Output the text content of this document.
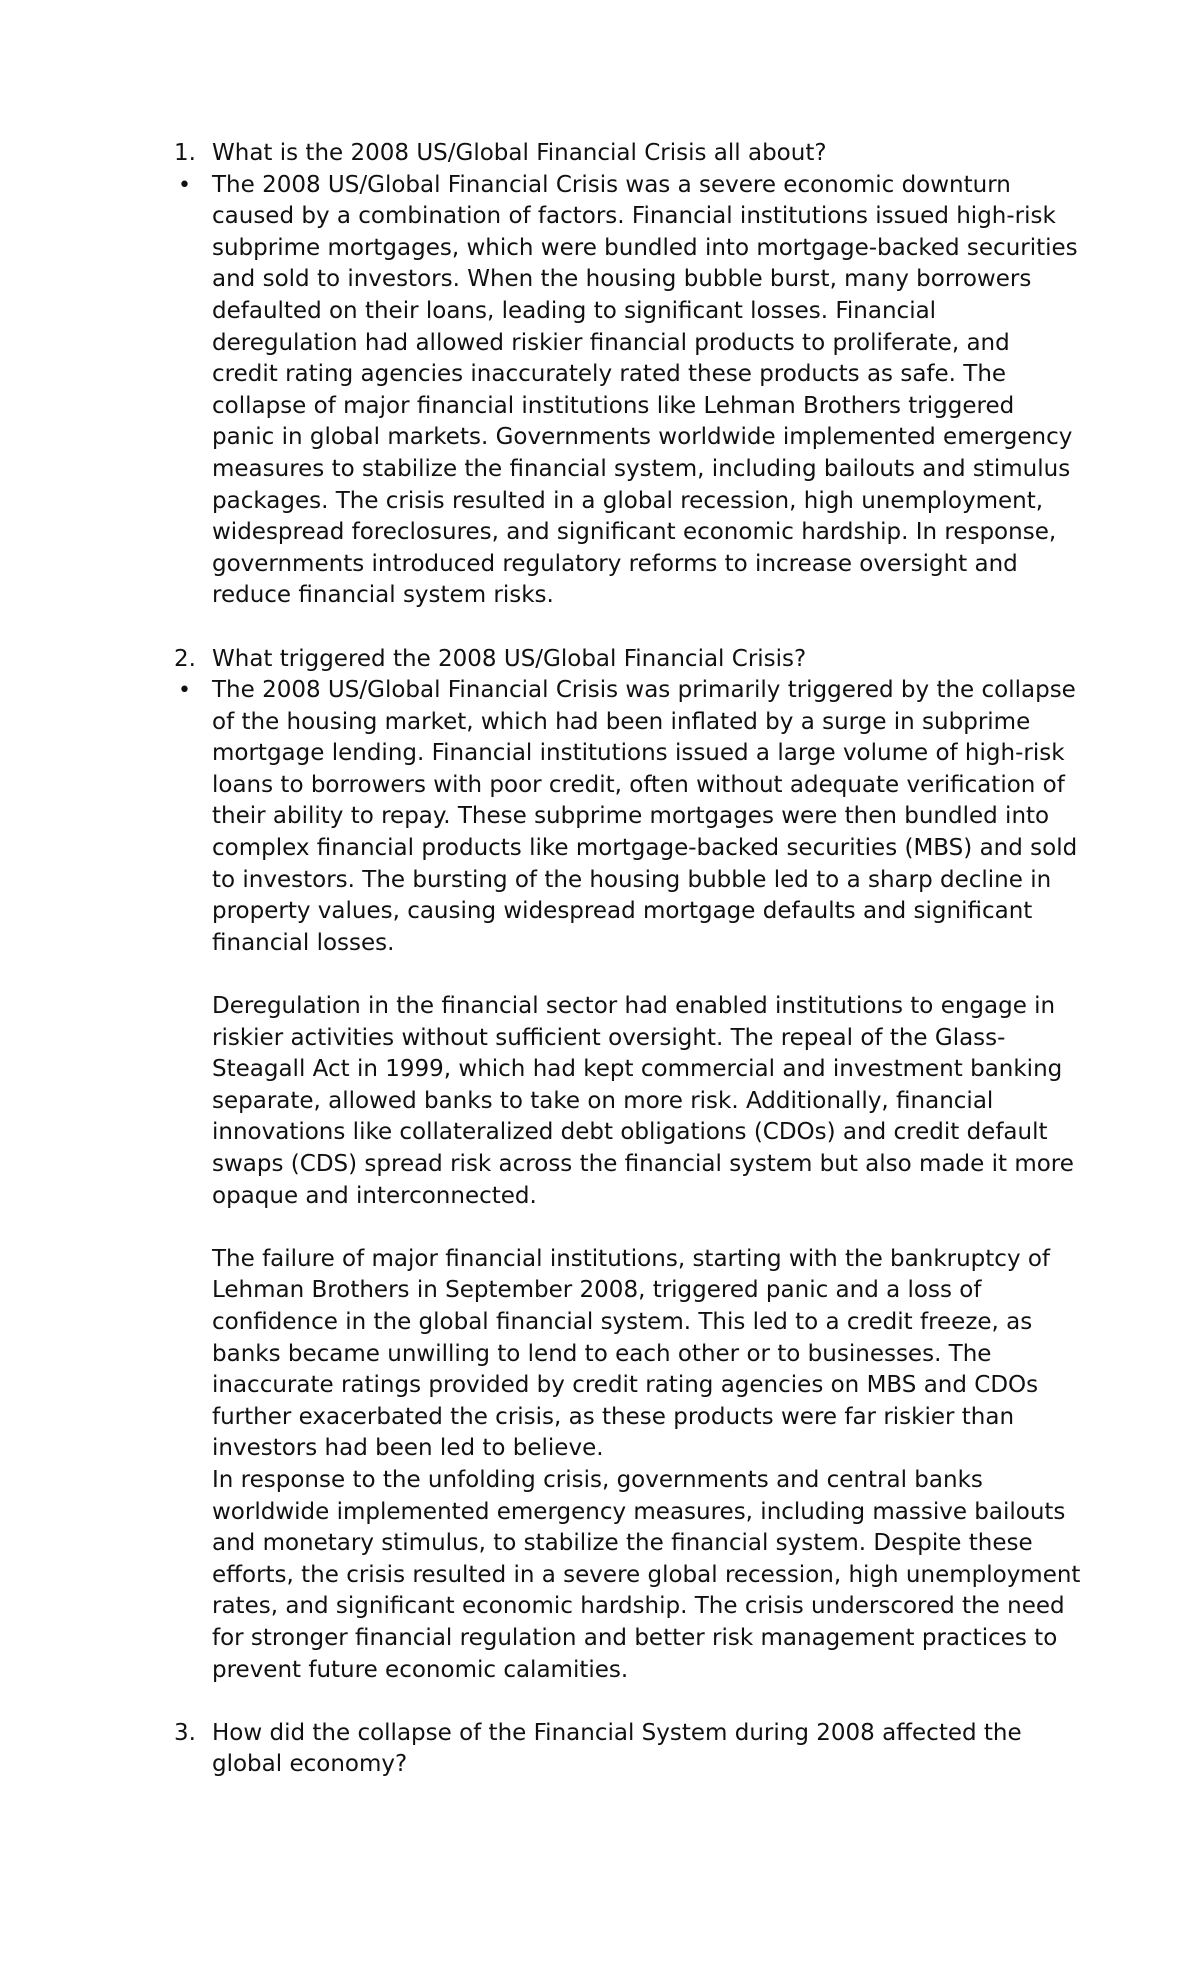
1. What is the 2008 US/Global Financial Crisis all about?
• The 2008 US/Global Financial Crisis was a severe economic downturn caused by a combination of factors. Financial institutions issued high-risk subprime mortgages, which were bundled into mortgage-backed securities and sold to investors. When the housing bubble burst, many borrowers defaulted on their loans, leading to significant losses. Financial deregulation had allowed riskier financial products to proliferate, and credit rating agencies inaccurately rated these products as safe. The collapse of major financial institutions like Lehman Brothers triggered panic in global markets. Governments worldwide implemented emergency measures to stabilize the financial system, including bailouts and stimulus packages. The crisis resulted in a global recession, high unemployment, widespread foreclosures, and significant economic hardship. In response, governments introduced regulatory reforms to increase oversight and reduce financial system risks.

2. What triggered the 2008 US/Global Financial Crisis?
• The 2008 US/Global Financial Crisis was primarily triggered by the collapse of the housing market, which had been inflated by a surge in subprime mortgage lending. Financial institutions issued a large volume of high-risk loans to borrowers with poor credit, often without adequate verification of their ability to repay. These subprime mortgages were then bundled into complex financial products like mortgage-backed securities (MBS) and sold to investors. The bursting of the housing bubble led to a sharp decline in property values, causing widespread mortgage defaults and significant financial losses.

Deregulation in the financial sector had enabled institutions to engage in riskier activities without sufficient oversight. The repeal of the Glass-Steagall Act in 1999, which had kept commercial and investment banking separate, allowed banks to take on more risk. Additionally, financial innovations like collateralized debt obligations (CDOs) and credit default swaps (CDS) spread risk across the financial system but also made it more opaque and interconnected.

The failure of major financial institutions, starting with the bankruptcy of Lehman Brothers in September 2008, triggered panic and a loss of confidence in the global financial system. This led to a credit freeze, as banks became unwilling to lend to each other or to businesses. The inaccurate ratings provided by credit rating agencies on MBS and CDOs further exacerbated the crisis, as these products were far riskier than investors had been led to believe.

In response to the unfolding crisis, governments and central banks worldwide implemented emergency measures, including massive bailouts and monetary stimulus, to stabilize the financial system. Despite these efforts, the crisis resulted in a severe global recession, high unemployment rates, and significant economic hardship. The crisis underscored the need for stronger financial regulation and better risk management practices to prevent future economic calamities.

3. How did the collapse of the Financial System during 2008 affected the global economy?
